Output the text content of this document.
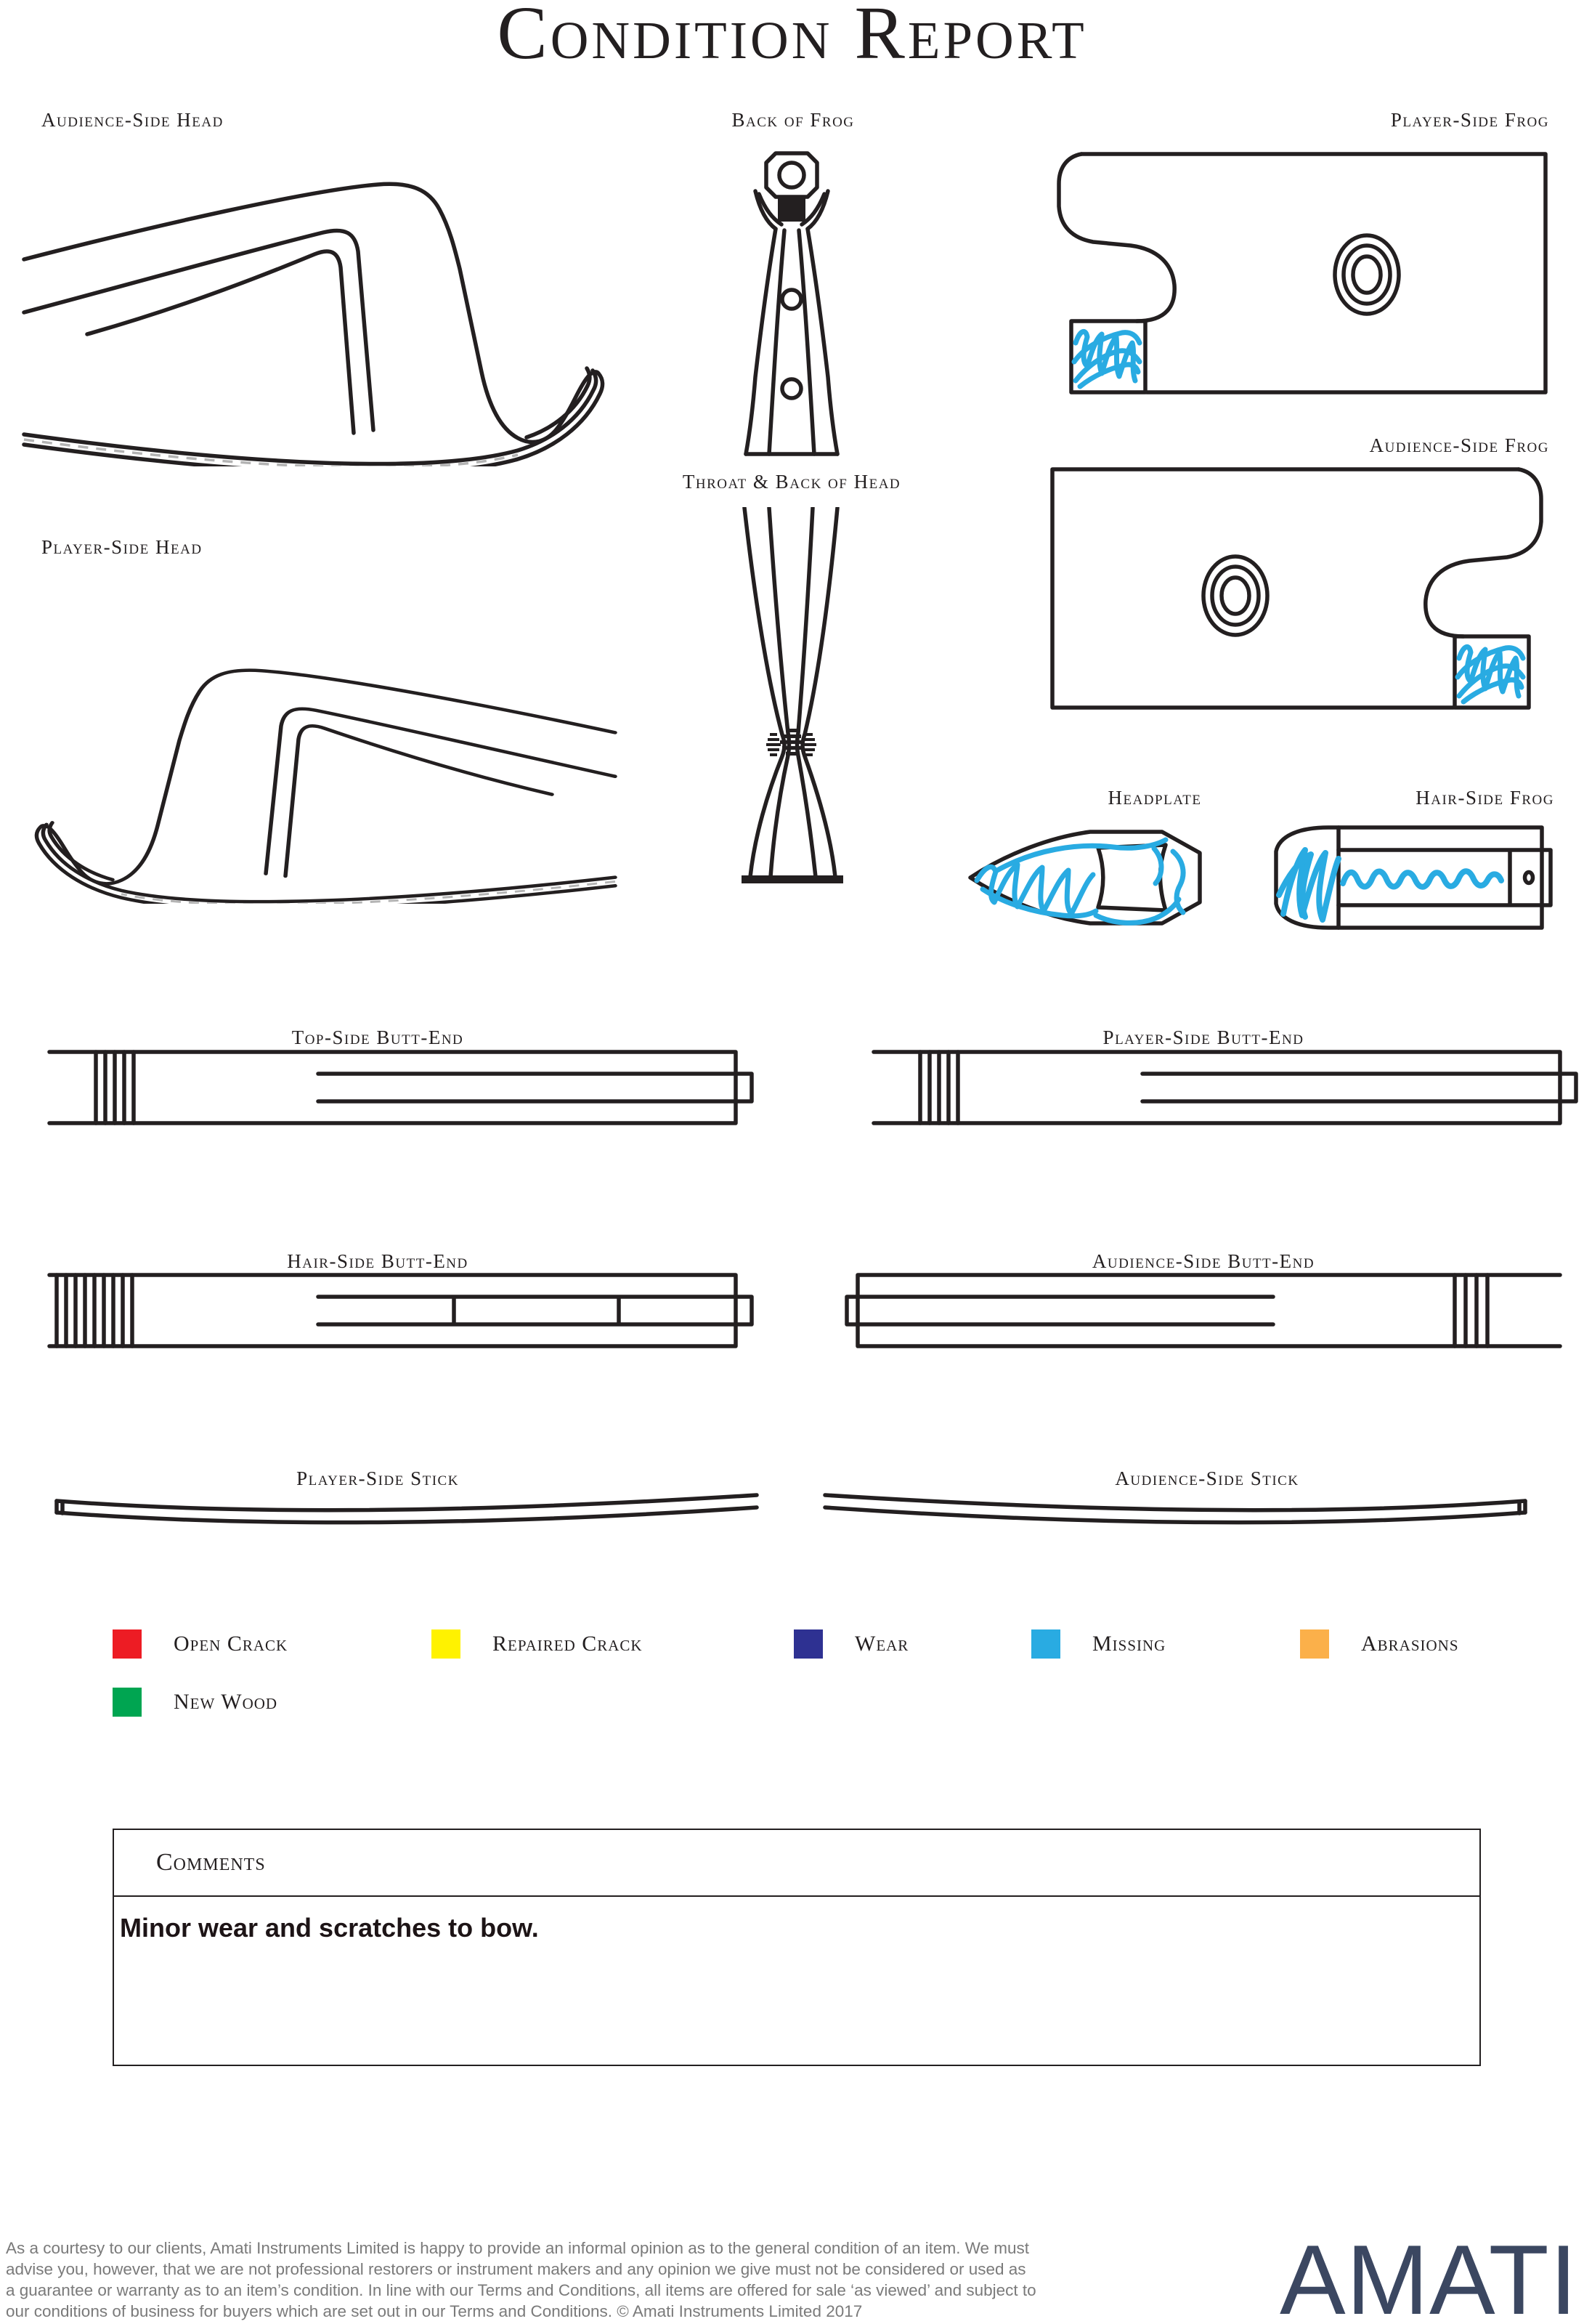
Condition Report
Audience-Side Head	Back of Frog	Player-Side Frog
Audience-Side Frog
Throat & Back of Head
Player-Side Head
Headplate	Hair-Side Frog
Top-Side Butt-End	Player-Side Butt-End
Hair-Side Butt-End	Audience-Side Butt-End
Player-Side Stick	Audience-Side Stick
Open Crack	Repaired Crack	Wear	Missing	Abrasions
New Wood
Comments
Minor wear and scratches to bow.
As a courtesy to our clients, Amati Instruments Limited is happy to provide an informal opinion as to the general condition of an item. We must
advise you, however, that we are not professional restorers or instrument makers and any opinion we give must not be considered or used as
a guarantee or warranty as to an item’s condition. In line with our Terms and Conditions, all items are offered for sale ‘as viewed’ and subject to
our conditions of business for buyers which are set out in our Terms and Conditions. © Amati Instruments Limited 2017	AMATI
